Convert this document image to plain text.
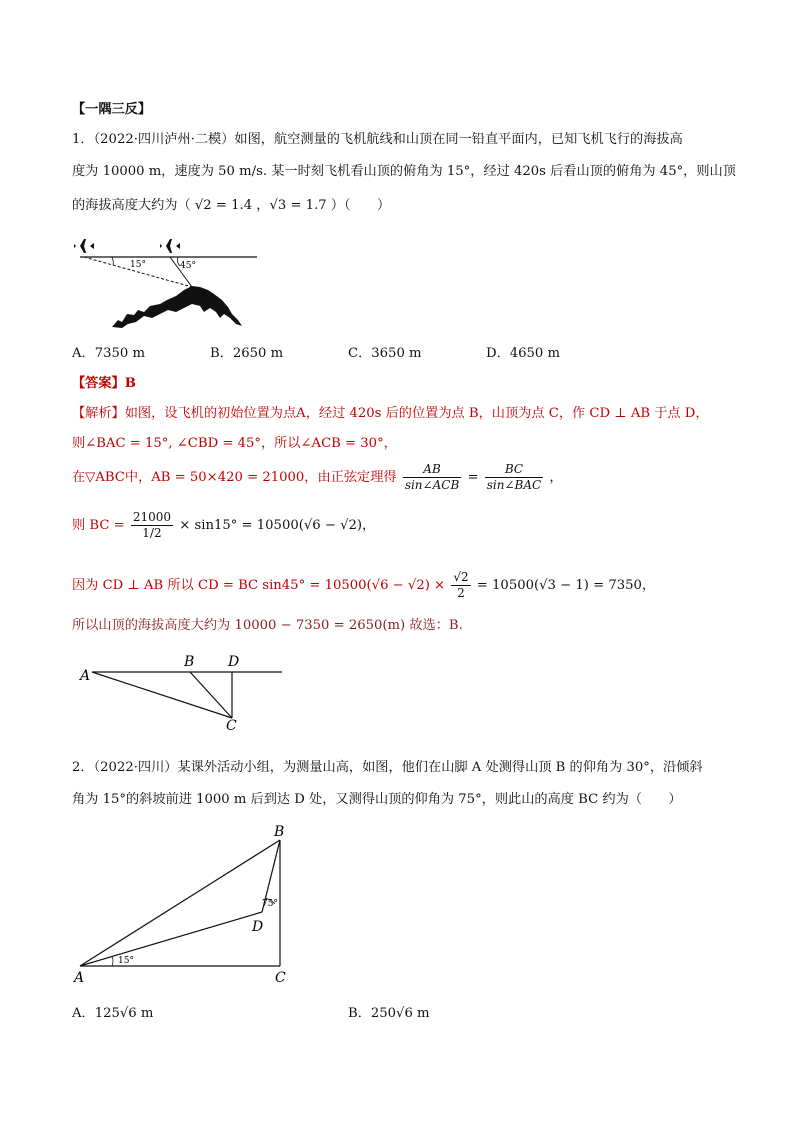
【一隅三反】
1．（2022·四川泸州·二模）如图，航空测量的飞机航线和山顶在同一铅直平面内，已知飞机飞行的海拔高
度为 10000 m，速度为 50 m/s. 某一时刻飞机看山顶的俯角为 15°，经过 420s 后看山顶的俯角为 45°，则山顶
的海拔高度大约为（ √2 = 1.4 ，√3 = 1.7 ）（　　）
15°	45°
A．7350 m	B．2650 m	C．3650 m	D．4650 m
【答案】B
【解析】如图，设飞机的初始位置为点A，经过 420s 后的位置为点 B，山顶为点 C，作 CD ⊥ AB 于点 D，
则∠BAC = 15°, ∠CBD = 45°，所以∠ACB = 30°，
在▽ABC中，AB = 50×420 = 21000，由正弦定理得 $\frac{AB}{\text{sin∠ACB}} = \frac{BC}{\text{sin∠BAC}}$ ，
则 BC = $\frac{21000}{1/2} \times \sin 15^\circ = 10500(√6 - √2)$，
因为 CD ⊥ AB 所以 CD = BC $\sin 45^\circ = 10500(√6 - √2) \times \frac{√2}{2} = 10500(√3 - 1) = 7350$，
所以山顶的海拔高度大约为 10000 − 7350 = 2650(m) 故选：B.
A
B D
C
2．（2022·四川）某课外活动小组，为测量山高，如图，他们在山脚 A 处测得山顶 B 的仰角为 30°，沿倾斜
角为 15°的斜坡前进 1000 m 后到达 D 处，又测得山顶的仰角为 75°，则此山的高度 BC 约为（　　）
15°
75°
B
D
A	C
A．125√6 m	B．250√6 m
